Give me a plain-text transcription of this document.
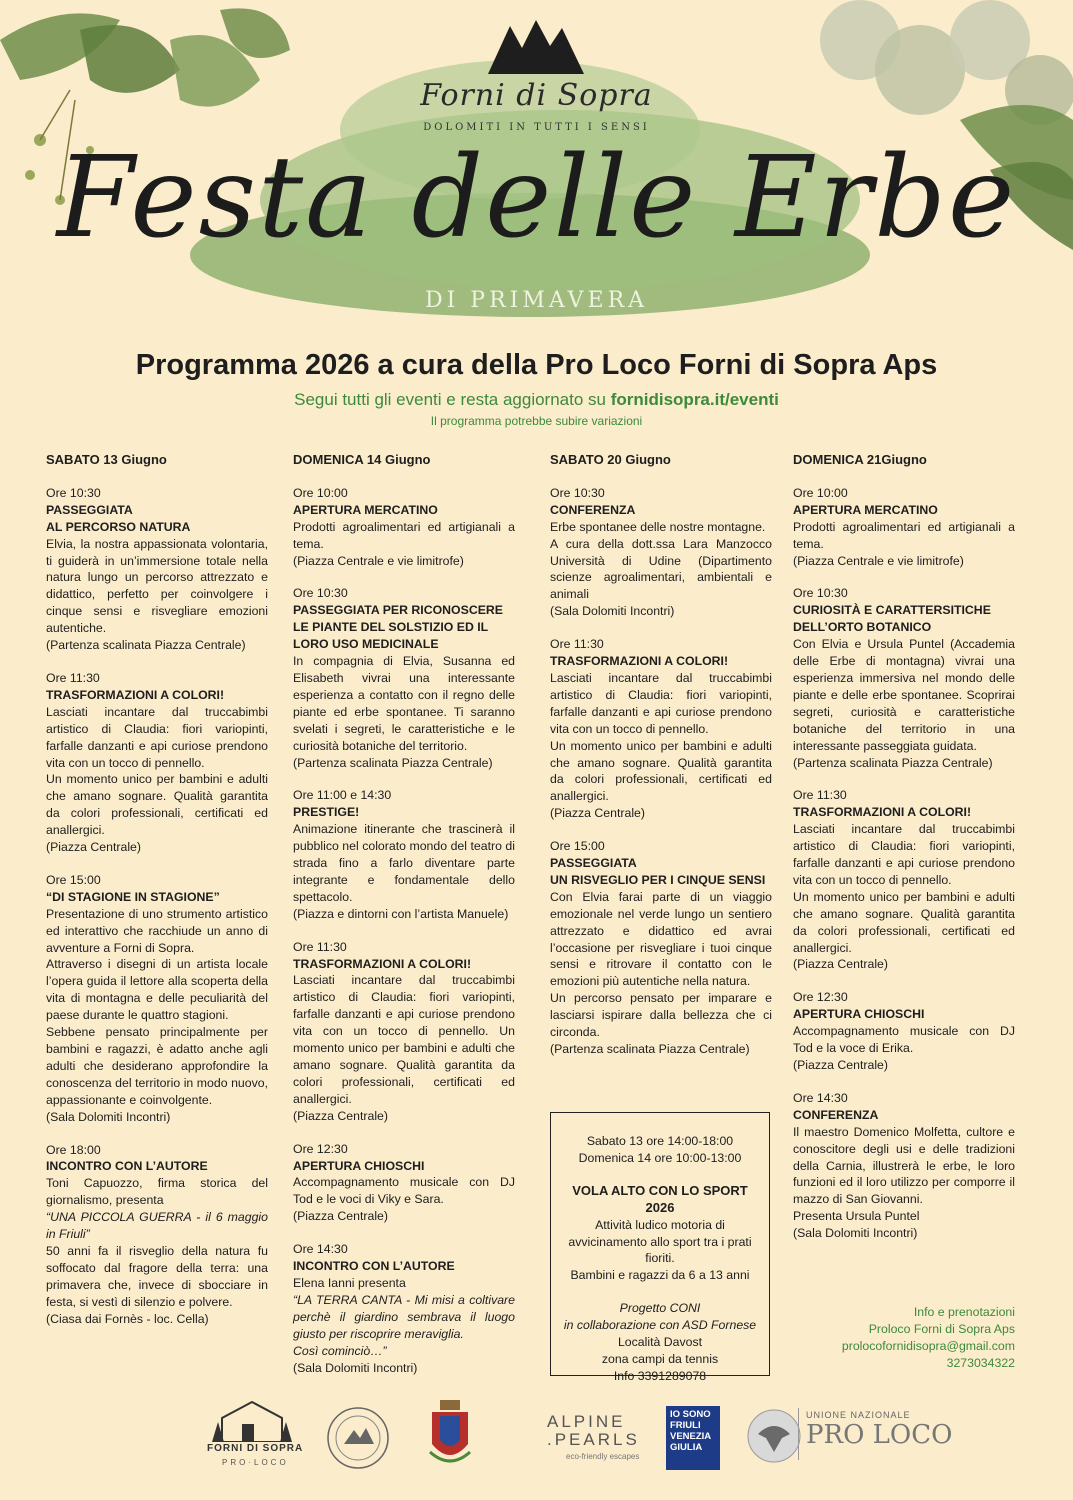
Forni di Sopra
DOLOMITI IN TUTTI I SENSI
Festa delle Erbe
DI PRIMAVERA
Programma 2026 a cura della Pro Loco Forni di Sopra Aps
Segui tutti gli eventi e resta aggiornato su fornidisopra.it/eventi
Il programma potrebbe subire variazioni
SABATO 13 Giugno
Ore 10:30
PASSEGGIATA
AL PERCORSO NATURA
Elvia, la nostra appassionata volontaria, ti guiderà in un’immersione totale nella natura lungo un percorso attrezzato e didattico, perfetto per coinvolgere i cinque sensi e risvegliare emozioni autentiche.
(Partenza scalinata Piazza Centrale)
Ore 11:30
TRASFORMAZIONI A COLORI!
Lasciati incantare dal truccabimbi artistico di Claudia: fiori variopinti, farfalle danzanti e api curiose prendono vita con un tocco di pennello.
Un momento unico per bambini e adulti che amano sognare. Qualità garantita da colori professionali, certificati ed anallergici.
(Piazza Centrale)
Ore 15:00
“DI STAGIONE IN STAGIONE”
Presentazione di uno strumento artistico ed interattivo che racchiude un anno di avventure a Forni di Sopra.
Attraverso i disegni di un artista locale l’opera guida il lettore alla scoperta della vita di montagna e delle peculiarità del paese durante le quattro stagioni.
Sebbene pensato principalmente per bambini e ragazzi, è adatto anche agli adulti che desiderano approfondire la conoscenza del territorio in modo nuovo, appassionante e coinvolgente.
(Sala Dolomiti Incontri)
Ore 18:00
INCONTRO CON L’AUTORE
Toni Capuozzo, firma storica del giornalismo, presenta
“UNA PICCOLA GUERRA - il 6 maggio in Friuli”
50 anni fa il risveglio della natura fu soffocato dal fragore della terra: una primavera che, invece di sbocciare in festa, si vestì di silenzio e polvere.
(Ciasa dai Fornès - loc. Cella)
DOMENICA 14 Giugno
Ore 10:00
APERTURA MERCATINO
Prodotti agroalimentari ed artigianali a tema.
(Piazza Centrale e vie limitrofe)
Ore 10:30
PASSEGGIATA PER RICONOSCERE LE PIANTE DEL SOLSTIZIO ED IL LORO USO MEDICINALE
In compagnia di Elvia, Susanna ed Elisabeth vivrai una interessante esperienza a contatto con il regno delle piante ed erbe spontanee. Ti saranno svelati i segreti, le caratteristiche e le curiosità botaniche del territorio.
(Partenza scalinata Piazza Centrale)
Ore 11:00 e 14:30
PRESTIGE!
Animazione itinerante che trascinerà il pubblico nel colorato mondo del teatro di strada fino a farlo diventare parte integrante e fondamentale dello spettacolo.
(Piazza e dintorni con l’artista Manuele)
Ore 11:30
TRASFORMAZIONI A COLORI!
Lasciati incantare dal truccabimbi artistico di Claudia: fiori variopinti, farfalle danzanti e api curiose prendono vita con un tocco di pennello. Un momento unico per bambini e adulti che amano sognare. Qualità garantita da colori professionali, certificati ed anallergici.
(Piazza Centrale)
Ore 12:30
APERTURA CHIOSCHI
Accompagnamento musicale con DJ Tod e le voci di Viky e Sara.
(Piazza Centrale)
Ore 14:30
INCONTRO CON L’AUTORE
Elena Ianni presenta
“LA TERRA CANTA - Mi misi a coltivare perchè il giardino sembrava il luogo giusto per riscoprire meraviglia.
Così cominciò…”
(Sala Dolomiti Incontri)
SABATO 20 Giugno
Ore 10:30
CONFERENZA
Erbe spontanee delle nostre montagne.
A cura della dott.ssa Lara Manzocco Università di Udine (Dipartimento scienze agroalimentari, ambientali e animali
(Sala Dolomiti Incontri)
Ore 11:30
TRASFORMAZIONI A COLORI!
Lasciati incantare dal truccabimbi artistico di Claudia: fiori variopinti, farfalle danzanti e api curiose prendono vita con un tocco di pennello.
Un momento unico per bambini e adulti che amano sognare. Qualità garantita da colori professionali, certificati ed anallergici.
(Piazza Centrale)
Ore 15:00
PASSEGGIATA
UN RISVEGLIO PER I CINQUE SENSI
Con Elvia farai parte di un viaggio emozionale nel verde lungo un sentiero attrezzato e didattico ed avrai l’occasione per risvegliare i tuoi cinque sensi e ritrovare il contatto con le emozioni più autentiche nella natura.
Un percorso pensato per imparare e lasciarsi ispirare dalla bellezza che ci circonda.
(Partenza scalinata Piazza Centrale)
DOMENICA 21Giugno
Ore 10:00
APERTURA MERCATINO
Prodotti agroalimentari ed artigianali a tema.
(Piazza Centrale e vie limitrofe)
Ore 10:30
CURIOSITÀ E CARATTERSITICHE
DELL’ORTO BOTANICO
Con Elvia e Ursula Puntel (Accademia delle Erbe di montagna) vivrai una esperienza immersiva nel mondo delle piante e delle erbe spontanee. Scoprirai segreti, curiosità e caratteristiche botaniche del territorio in una interessante passeggiata guidata.
(Partenza scalinata Piazza Centrale)
Ore 11:30
TRASFORMAZIONI A COLORI!
Lasciati incantare dal truccabimbi artistico di Claudia: fiori variopinti, farfalle danzanti e api curiose prendono vita con un tocco di pennello.
Un momento unico per bambini e adulti che amano sognare. Qualità garantita da colori professionali, certificati ed anallergici.
(Piazza Centrale)
Ore 12:30
APERTURA CHIOSCHI
Accompagnamento musicale con DJ Tod e la voce di Erika.
(Piazza Centrale)
Ore 14:30
CONFERENZA
Il maestro Domenico Molfetta, cultore e conoscitore degli usi e delle tradizioni della Carnia, illustrerà le erbe, le loro funzioni ed il loro utilizzo per comporre il mazzo di San Giovanni.
Presenta Ursula Puntel
(Sala Dolomiti Incontri)
Sabato 13 ore 14:00-18:00
Domenica 14 ore 10:00-13:00
VOLA ALTO CON LO SPORT 2026
Attività ludico motoria di avvicinamento allo sport tra i prati fioriti.
Bambini e ragazzi da 6 a 13 anni
Progetto CONI
in collaborazione con ASD Fornese
Località Davost
zona campi da tennis
Info 3391289078
Info e prenotazioni
Proloco Forni di Sopra Aps
prolocofornidisopra@gmail.com
3273034322
FORNI DI SOPRA
PRO·LOCO
ALPINE
.PEARLS
eco-friendly escapes
IO SONO
FRIULI
VENEZIA
GIULIA
UNIONE NAZIONALE
PRO LOCO
